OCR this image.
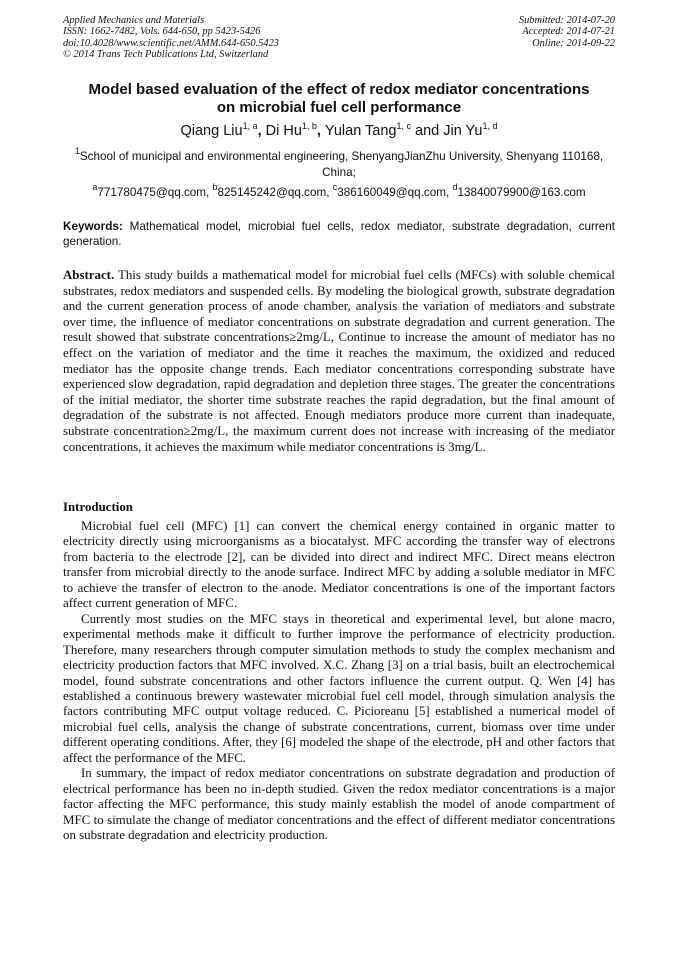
Applied Mechanics and Materials
ISSN: 1662-7482, Vols. 644-650, pp 5423-5426
doi:10.4028/www.scientific.net/AMM.644-650.5423
© 2014 Trans Tech Publications Ltd, Switzerland
Submitted: 2014-07-20
Accepted: 2014-07-21
Online: 2014-09-22
Model based evaluation of the effect of redox mediator concentrations
on microbial fuel cell performance
Qiang Liu$^{1, a}$, Di Hu$^{1, b}$, Yulan Tang$^{1, c}$ and Jin Yu$^{1, d}$
$^1$School of municipal and environmental engineering, ShenyangJianZhu University, Shenyang 110168, China;
$^a$771780475@qq.com, $^b$825145242@qq.com, $^c$386160049@qq.com, $^d$13840079900@163.com
Keywords: Mathematical model, microbial fuel cells, redox mediator, substrate degradation, current generation.
Abstract. This study builds a mathematical model for microbial fuel cells (MFCs) with soluble chemical substrates, redox mediators and suspended cells. By modeling the biological growth, substrate degradation and the current generation process of anode chamber, analysis the variation of mediators and substrate over time, the influence of mediator concentrations on substrate degradation and current generation. The result showed that substrate concentrations≥2mg/L, Continue to increase the amount of mediator has no effect on the variation of mediator and the time it reaches the maximum, the oxidized and reduced mediator has the opposite change trends. Each mediator concentrations corresponding substrate have experienced slow degradation, rapid degradation and depletion three stages. The greater the concentrations of the initial mediator, the shorter time substrate reaches the rapid degradation, but the final amount of degradation of the substrate is not affected. Enough mediators produce more current than inadequate, substrate concentration≥2mg/L, the maximum current does not increase with increasing of the mediator concentrations, it achieves the maximum while mediator concentrations is 3mg/L.
Introduction

Microbial fuel cell (MFC) [1] can convert the chemical energy contained in organic matter to electricity directly using microorganisms as a biocatalyst. MFC according the transfer way of electrons from bacteria to the electrode [2], can be divided into direct and indirect MFC. Direct means electron transfer from microbial directly to the anode surface. Indirect MFC by adding a soluble mediator in MFC to achieve the transfer of electron to the anode. Mediator concentrations is one of the important factors affect current generation of MFC.

Currently most studies on the MFC stays in theoretical and experimental level, but alone macro, experimental methods make it difficult to further improve the performance of electricity production. Therefore, many researchers through computer simulation methods to study the complex mechanism and electricity production factors that MFC involved. X.C. Zhang [3] on a trial basis, built an electrochemical model, found substrate concentrations and other factors influence the current output. Q. Wen [4] has established a continuous brewery wastewater microbial fuel cell model, through simulation analysis the factors contributing MFC output voltage reduced. C. Picioreanu [5] established a numerical model of microbial fuel cells, analysis the change of substrate concentrations, current, biomass over time under different operating conditions. After, they [6] modeled the shape of the electrode, pH and other factors that affect the performance of the MFC.

In summary, the impact of redox mediator concentrations on substrate degradation and production of electrical performance has been no in-depth studied. Given the redox mediator concentrations is a major factor affecting the MFC performance, this study mainly establish the model of anode compartment of MFC to simulate the change of mediator concentrations and the effect of different mediator concentrations on substrate degradation and electricity production.
